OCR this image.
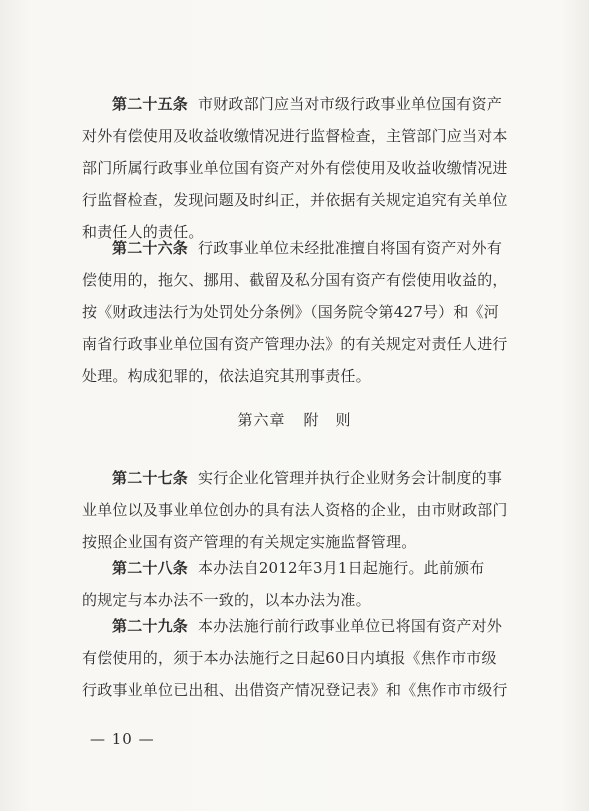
第二十五条 市财政部门应当对市级行政事业单位国有资产
对外有偿使用及收益收缴情况进行监督检查，主管部门应当对本
部门所属行政事业单位国有资产对外有偿使用及收益收缴情况进
行监督检查，发现问题及时纠正，并依据有关规定追究有关单位
和责任人的责任。
第二十六条 行政事业单位未经批准擅自将国有资产对外有
偿使用的，拖欠、挪用、截留及私分国有资产有偿使用收益的，
按《财政违法行为处罚处分条例》（国务院令第427号）和《河
南省行政事业单位国有资产管理办法》的有关规定对责任人进行
处理。构成犯罪的，依法追究其刑事责任。
第六章 附　则
第二十七条 实行企业化管理并执行企业财务会计制度的事
业单位以及事业单位创办的具有法人资格的企业，由市财政部门
按照企业国有资产管理的有关规定实施监督管理。
第二十八条 本办法自2012年3月1日起施行。此前颁布
的规定与本办法不一致的，以本办法为准。
第二十九条 本办法施行前行政事业单位已将国有资产对外
有偿使用的，须于本办法施行之日起60日内填报《焦作市市级
行政事业单位已出租、出借资产情况登记表》和《焦作市市级行
— 10 —
